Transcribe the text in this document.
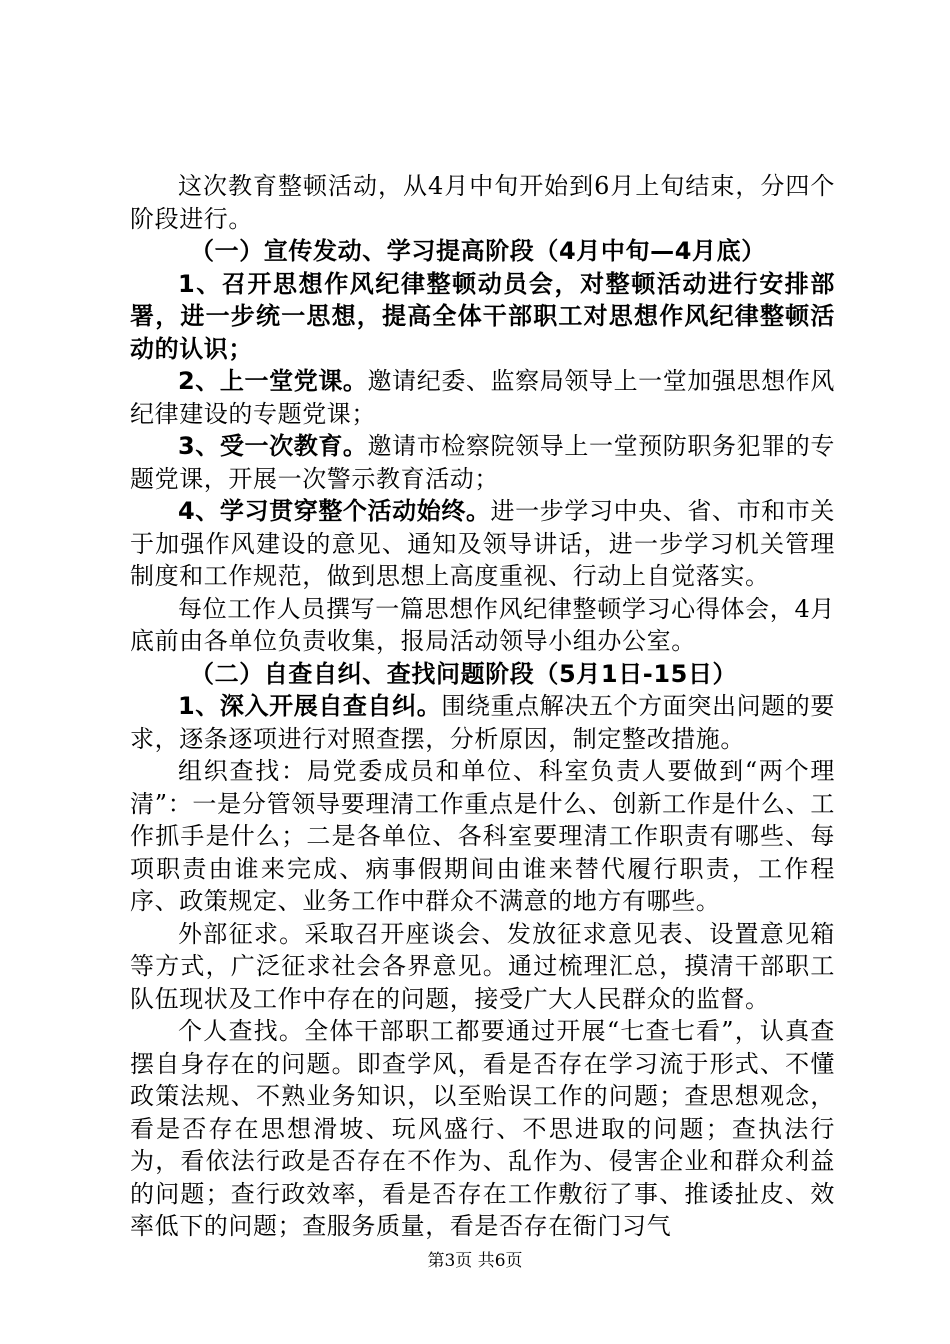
这次教育整顿活动，从4月中旬开始到6月上旬结束，分四个阶段进行。

（一）宣传发动、学习提高阶段（4月中旬—4月底）

1、召开思想作风纪律整顿动员会，对整顿活动进行安排部署，进一步统一思想，提高全体干部职工对思想作风纪律整顿活动的认识；

2、上一堂党课。邀请纪委、监察局领导上一堂加强思想作风纪律建设的专题党课；

3、受一次教育。邀请市检察院领导上一堂预防职务犯罪的专题党课，开展一次警示教育活动；

4、学习贯穿整个活动始终。进一步学习中央、省、市和市关于加强作风建设的意见、通知及领导讲话，进一步学习机关管理制度和工作规范，做到思想上高度重视、行动上自觉落实。

每位工作人员撰写一篇思想作风纪律整顿学习心得体会，4月底前由各单位负责收集，报局活动领导小组办公室。

（二）自查自纠、查找问题阶段（5月1日-15日）

1、深入开展自查自纠。围绕重点解决五个方面突出问题的要求，逐条逐项进行对照查摆，分析原因，制定整改措施。

组织查找：局党委成员和单位、科室负责人要做到“两个理清”：一是分管领导要理清工作重点是什么、创新工作是什么、工作抓手是什么；二是各单位、各科室要理清工作职责有哪些、每项职责由谁来完成、病事假期间由谁来替代履行职责，工作程序、政策规定、业务工作中群众不满意的地方有哪些。

外部征求。采取召开座谈会、发放征求意见表、设置意见箱等方式，广泛征求社会各界意见。通过梳理汇总，摸清干部职工队伍现状及工作中存在的问题，接受广大人民群众的监督。

个人查找。全体干部职工都要通过开展“七查七看”，认真查摆自身存在的问题。即查学风，看是否存在学习流于形式、不懂政策法规、不熟业务知识，以至贻误工作的问题；查思想观念，看是否存在思想滑坡、玩风盛行、不思进取的问题；查执法行为，看依法行政是否存在不作为、乱作为、侵害企业和群众利益的问题；查行政效率，看是否存在工作敷衍了事、推诿扯皮、效率低下的问题；查服务质量，看是否存在衙门习气

第3页 共6页
